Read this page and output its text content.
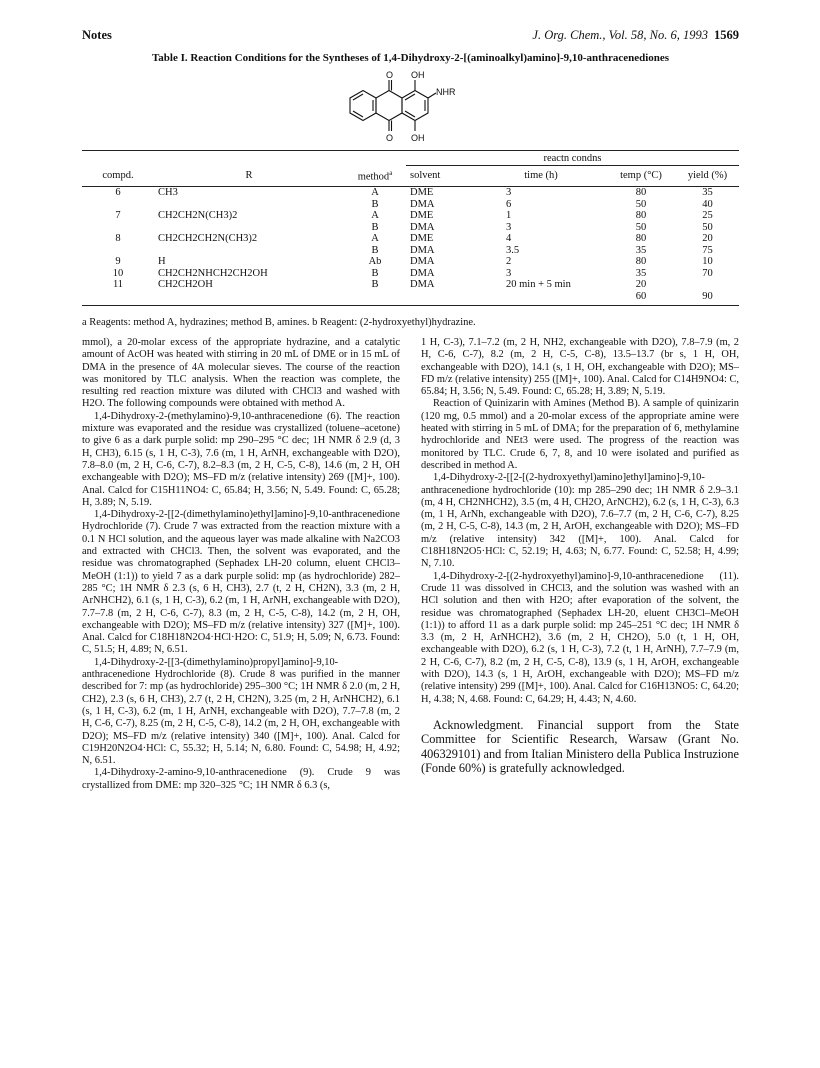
Notes	J. Org. Chem., Vol. 58, No. 6, 1993 1569
Table I. Reaction Conditions for the Syntheses of 1,4-Dihydroxy-2-[(aminoalkyl)amino]-9,10-anthracenediones
O OH
NHR
O OH
			reactn condns			
compd.	R	method$^a$	solvent	time (h)	temp (°C)	yield (%)
6	CH3	A	DME	3	80	35
		B	DMA	6	50	40
7	CH2CH2N(CH3)2	A	DME	1	80	25
		B	DMA	3	50	50
8	CH2CH2CH2N(CH3)2	A	DME	4	80	20
		B	DMA	3.5	35	75
9	H	Ab	DMA	2	80	10
10	CH2CH2NHCH2CH2OH	B	DMA	3	35	70
11	CH2CH2OH	B	DMA	20 min + 5 min	20	
					60	90
a Reagents: method A, hydrazines; method B, amines. b Reagent: (2-hydroxyethyl)hydrazine.

mmol), a 20-molar excess of the appropriate hydrazine, and a catalytic amount of AcOH was heated with stirring in 20 mL of DME or in 15 mL of DMA in the presence of 4A molecular sieves. The course of the reaction was monitored by TLC analysis. When the reaction was complete, the resulting red reaction mixture was diluted with CHCl3 and washed with H2O. The following compounds were obtained with method A.

1,4-Dihydroxy-2-(methylamino)-9,10-anthracenedione (6). The reaction mixture was evaporated and the residue was crystallized (toluene–acetone) to give 6 as a dark purple solid: mp 290–295 °C dec; 1H NMR δ 2.9 (d, 3 H, CH3), 6.15 (s, 1 H, C-3), 7.6 (m, 1 H, ArNH, exchangeable with D2O), 7.8–8.0 (m, 2 H, C-6, C-7), 8.2–8.3 (m, 2 H, C-5, C-8), 14.6 (m, 2 H, OH exchangeable with D2O); MS–FD m/z (relative intensity) 269 ([M]+, 100). Anal. Calcd for C15H11NO4: C, 65.84; H, 3.56; N, 5.49. Found: C, 65.28; H, 3.89; N, 5.19.

1,4-Dihydroxy-2-[[2-(dimethylamino)ethyl]amino]-9,10-anthracenedione Hydrochloride (7). Crude 7 was extracted from the reaction mixture with a 0.1 N HCl solution, and the aqueous layer was made alkaline with Na2CO3 and extracted with CHCl3. Then, the solvent was evaporated, and the residue was chromatographed (Sephadex LH-20 column, eluent CHCl3–MeOH (1:1)) to yield 7 as a dark purple solid: mp (as hydrochloride) 282–285 °C; 1H NMR δ 2.3 (s, 6 H, CH3), 2.7 (t, 2 H, CH2N), 3.3 (m, 2 H, ArNHCH2), 6.1 (s, 1 H, C-3), 6.2 (m, 1 H, ArNH, exchangeable with D2O), 7.7–7.8 (m, 2 H, C-6, C-7), 8.3 (m, 2 H, C-5, C-8), 14.2 (m, 2 H, OH, exchangeable with D2O); MS–FD m/z (relative intensity) 327 ([M]+, 100). Anal. Calcd for C18H18N2O4·HCl·H2O: C, 51.9; H, 5.09; N, 6.73. Found: C, 51.5; H, 4.89; N, 6.51.

1,4-Dihydroxy-2-[[3-(dimethylamino)propyl]amino]-9,10-anthracenedione Hydrochloride (8). Crude 8 was purified in the manner described for 7: mp (as hydrochloride) 295–300 °C; 1H NMR δ 2.0 (m, 2 H, CH2), 2.3 (s, 6 H, CH3), 2.7 (t, 2 H, CH2N), 3.25 (m, 2 H, ArNHCH2), 6.1 (s, 1 H, C-3), 6.2 (m, 1 H, ArNH, exchangeable with D2O), 7.7–7.8 (m, 2 H, C-6, C-7), 8.25 (m, 2 H, C-5, C-8), 14.2 (m, 2 H, OH, exchangeable with D2O); MS–FD m/z (relative intensity) 340 ([M]+, 100). Anal. Calcd for C19H20N2O4·HCl: C, 55.32; H, 5.14; N, 6.80. Found: C, 54.98; H, 4.92; N, 6.51.

1,4-Dihydroxy-2-amino-9,10-anthracenedione (9). Crude 9 was crystallized from DME: mp 320–325 °C; 1H NMR δ 6.3 (s,

1 H, C-3), 7.1–7.2 (m, 2 H, NH2, exchangeable with D2O), 7.8–7.9 (m, 2 H, C-6, C-7), 8.2 (m, 2 H, C-5, C-8), 13.5–13.7 (br s, 1 H, OH, exchangeable with D2O), 14.1 (s, 1 H, OH, exchangeable with D2O); MS–FD m/z (relative intensity) 255 ([M]+, 100). Anal. Calcd for C14H9NO4: C, 65.84; H, 3.56; N, 5.49. Found: C, 65.28; H, 3.89; N, 5.19.

Reaction of Quinizarin with Amines (Method B). A sample of quinizarin (120 mg, 0.5 mmol) and a 20-molar excess of the appropriate amine were heated with stirring in 5 mL of DMA; for the preparation of 6, methylamine hydrochloride and NEt3 were used. The progress of the reaction was monitored by TLC. Crude 6, 7, 8, and 10 were isolated and purified as described in method A.

1,4-Dihydroxy-2-[[2-[(2-hydroxyethyl)amino]ethyl]amino]-9,10-anthracenedione hydrochloride (10): mp 285–290 dec; 1H NMR δ 2.9–3.1 (m, 4 H, CH2NHCH2), 3.5 (m, 4 H, CH2O, ArNCH2), 6.2 (s, 1 H, C-3), 6.3 (m, 1 H, ArNh, exchangeable with D2O), 7.6–7.7 (m, 2 H, C-6, C-7), 8.25 (m, 2 H, C-5, C-8), 14.3 (m, 2 H, ArOH, exchangeable with D2O); MS–FD m/z (relative intensity) 342 ([M]+, 100). Anal. Calcd for C18H18N2O5·HCl: C, 52.19; H, 4.63; N, 6.77. Found: C, 52.58; H, 4.99; N, 7.10.

1,4-Dihydroxy-2-[(2-hydroxyethyl)amino]-9,10-anthracenedione (11). Crude 11 was dissolved in CHCl3, and the solution was washed with an HCl solution and then with H2O; after evaporation of the solvent, the residue was chromatographed (Sephadex LH-20, eluent CH3Cl–MeOH (1:1)) to afford 11 as a dark purple solid: mp 245–251 °C dec; 1H NMR δ 3.3 (m, 2 H, ArNHCH2), 3.6 (m, 2 H, CH2O), 5.0 (t, 1 H, OH, exchangeable with D2O), 6.2 (s, 1 H, C-3), 7.2 (t, 1 H, ArNH), 7.7–7.9 (m, 2 H, C-6, C-7), 8.2 (m, 2 H, C-5, C-8), 13.9 (s, 1 H, ArOH, exchangeable with D2O), 14.3 (s, 1 H, ArOH, exchangeable with D2O); MS–FD m/z (relative intensity) 299 ([M]+, 100). Anal. Calcd for C16H13NO5: C, 64.20; H, 4.38; N, 4.68. Found: C, 64.29; H, 4.43; N, 4.60.

Acknowledgment. Financial support from the State Committee for Scientific Research, Warsaw (Grant No. 406329101) and from Italian Ministero della Publica Instruzione (Fonde 60%) is gratefully acknowledged.
